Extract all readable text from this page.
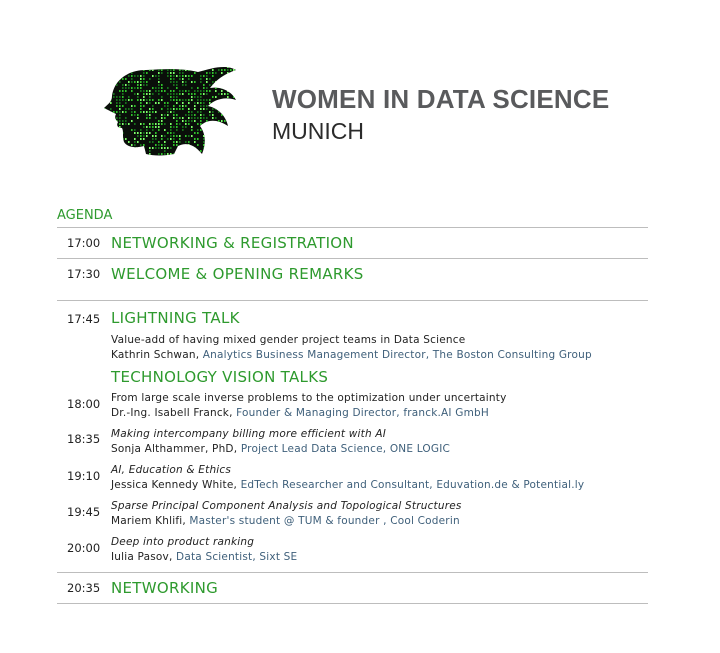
WOMEN IN DATA SCIENCE
MUNICH
AGENDA
17:00 NETWORKING & REGISTRATION
17:30 WELCOME & OPENING REMARKS
17:45 LIGHTNING TALK
Value-add of having mixed gender project teams in Data Science
Kathrin Schwan, Analytics Business Management Director, The Boston Consulting Group
TECHNOLOGY VISION TALKS
18:00 From large scale inverse problems to the optimization under uncertainty
Dr.-Ing. Isabell Franck, Founder & Managing Director, franck.AI GmbH
18:35 Making intercompany billing more efficient with AI
Sonja Althammer, PhD, Project Lead Data Science, ONE LOGIC
19:10 AI, Education & Ethics
Jessica Kennedy White, EdTech Researcher and Consultant, Eduvation.de & Potential.ly
19:45 Sparse Principal Component Analysis and Topological Structures
Mariem Khlifi, Master's student @ TUM & founder , Cool Coderin
20:00 Deep into product ranking
Iulia Pasov, Data Scientist, Sixt SE
20:35 NETWORKING
